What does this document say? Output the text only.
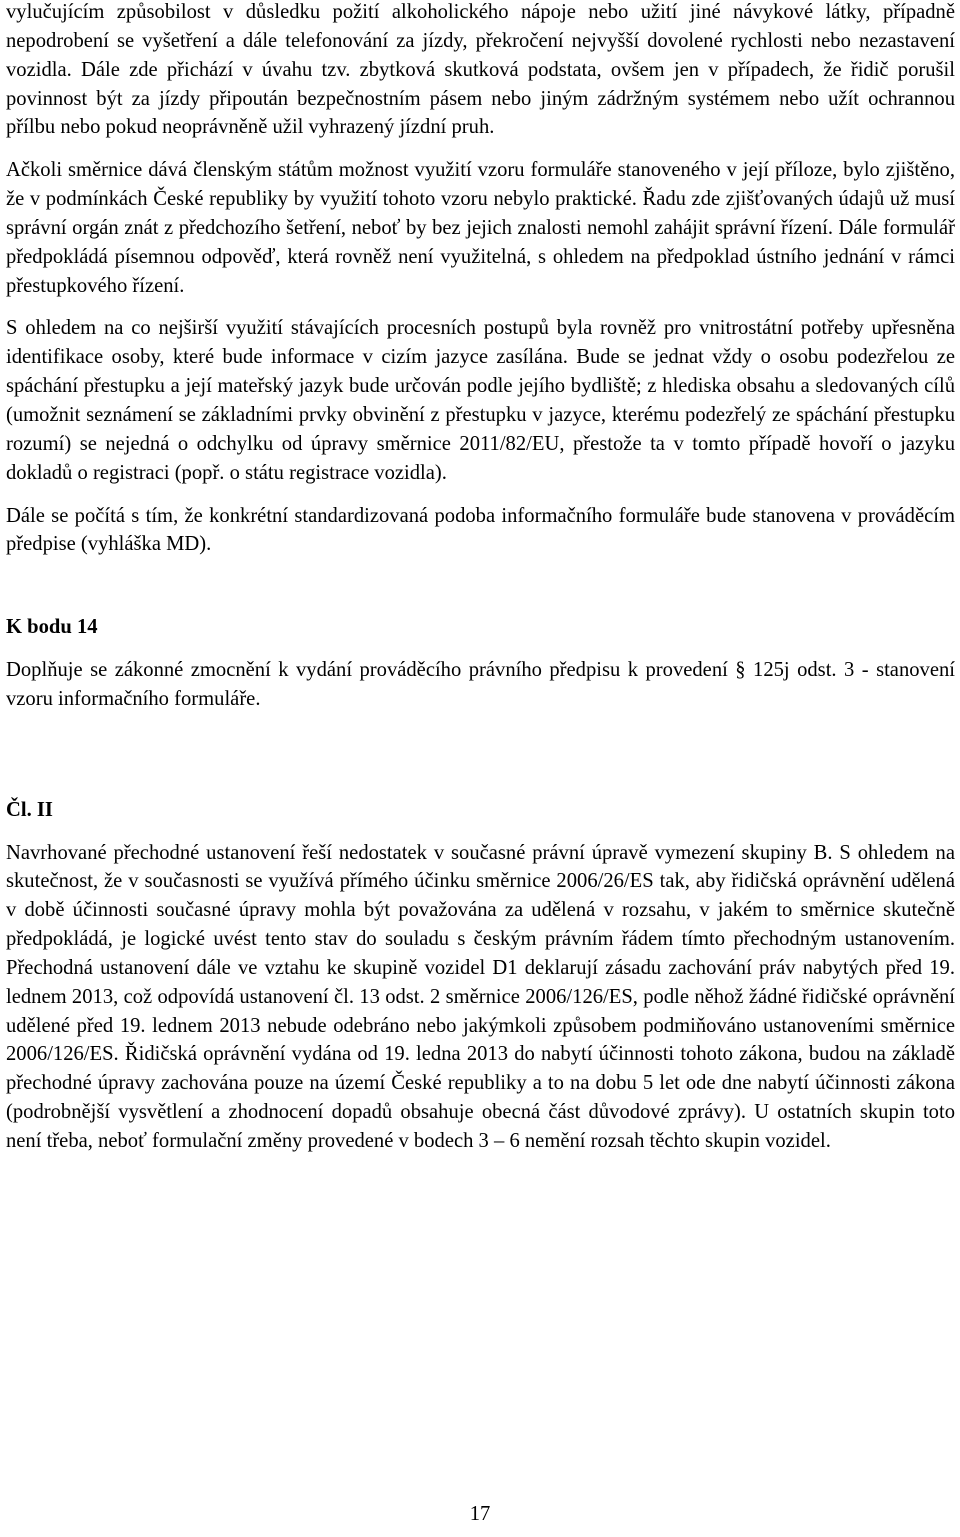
vylučujícím způsobilost v důsledku požití alkoholického nápoje nebo užití jiné návykové látky, případně nepodrobení se vyšetření a dále telefonování za jízdy, překročení nejvyšší dovolené rychlosti nebo nezastavení vozidla. Dále zde přichází v úvahu tzv. zbytková skutková podstata, ovšem jen v případech, že řidič porušil povinnost být za jízdy připoután bezpečnostním pásem nebo jiným zádržným systémem nebo užít ochrannou přílbu nebo pokud neoprávněně užil vyhrazený jízdní pruh.

Ačkoli směrnice dává členským státům možnost využití vzoru formuláře stanoveného v její příloze, bylo zjištěno, že v podmínkách České republiky by využití tohoto vzoru nebylo praktické. Řadu zde zjišťovaných údajů už musí správní orgán znát z předchozího šetření, neboť by bez jejich znalosti nemohl zahájit správní řízení. Dále formulář předpokládá písemnou odpověď, která rovněž není využitelná, s ohledem na předpoklad ústního jednání v rámci přestupkového řízení.

S ohledem na co nejširší využití stávajících procesních postupů byla rovněž pro vnitrostátní potřeby upřesněna identifikace osoby, které bude informace v cizím jazyce zasílána. Bude se jednat vždy o osobu podezřelou ze spáchání přestupku a její mateřský jazyk bude určován podle jejího bydliště; z hlediska obsahu a sledovaných cílů (umožnit seznámení se základními prvky obvinění z přestupku v jazyce, kterému podezřelý ze spáchání přestupku rozumí) se nejedná o odchylku od úpravy směrnice 2011/82/EU, přestože ta v tomto případě hovoří o jazyku dokladů o registraci (popř. o státu registrace vozidla).

Dále se počítá s tím, že konkrétní standardizovaná podoba informačního formuláře bude stanovena v prováděcím předpise (vyhláška MD).

K bodu 14

Doplňuje se zákonné zmocnění k vydání prováděcího právního předpisu k provedení § 125j odst. 3 - stanovení vzoru informačního formuláře.

Čl. II

Navrhované přechodné ustanovení řeší nedostatek v současné právní úpravě vymezení skupiny B. S ohledem na skutečnost, že v současnosti se využívá přímého účinku směrnice 2006/26/ES tak, aby řidičská oprávnění udělená v době účinnosti současné úpravy mohla být považována za udělená v rozsahu, v jakém to směrnice skutečně předpokládá, je logické uvést tento stav do souladu s českým právním řádem tímto přechodným ustanovením. Přechodná ustanovení dále ve vztahu ke skupině vozidel D1 deklarují zásadu zachování práv nabytých před 19. lednem 2013, což odpovídá ustanovení čl. 13 odst. 2 směrnice 2006/126/ES, podle něhož žádné řidičské oprávnění udělené před 19. lednem 2013 nebude odebráno nebo jakýmkoli způsobem podmiňováno ustanoveními směrnice 2006/126/ES. Řidičská oprávnění vydána od 19. ledna 2013 do nabytí účinnosti tohoto zákona, budou na základě přechodné úpravy zachována pouze na území České republiky a to na dobu 5 let ode dne nabytí účinnosti zákona (podrobnější vysvětlení a zhodnocení dopadů obsahuje obecná část důvodové zprávy). U ostatních skupin toto není třeba, neboť formulační změny provedené v bodech 3 – 6 nemění rozsah těchto skupin vozidel.

17
